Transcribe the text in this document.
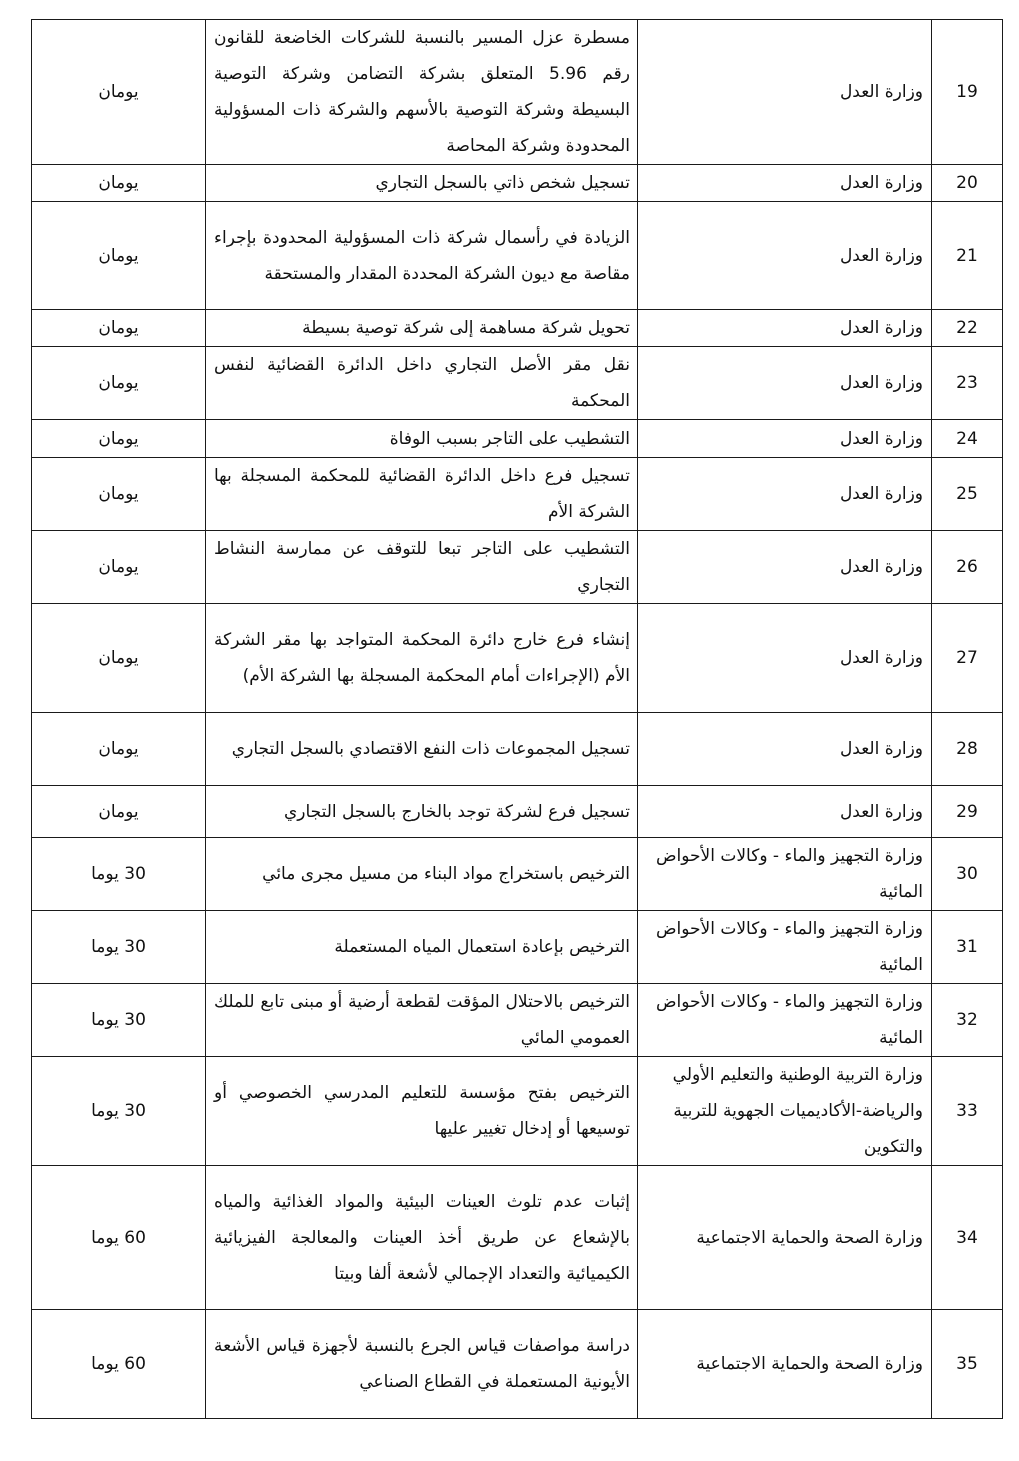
19	وزارة العدل	مسطرة عزل المسير بالنسبة للشركات الخاضعة للقانون رقم 5.96 المتعلق بشركة التضامن وشركة التوصية البسيطة وشركة التوصية بالأسهم والشركة ذات المسؤولية المحدودة وشركة المحاصة	يومان
20	وزارة العدل	تسجيل شخص ذاتي بالسجل التجاري	يومان
21	وزارة العدل	الزيادة في رأسمال شركة ذات المسؤولية المحدودة بإجراء مقاصة مع ديون الشركة المحددة المقدار والمستحقة	يومان
22	وزارة العدل	تحويل شركة مساهمة إلى شركة توصية بسيطة	يومان
23	وزارة العدل	نقل مقر الأصل التجاري داخل الدائرة القضائية لنفس المحكمة	يومان
24	وزارة العدل	التشطيب على التاجر بسبب الوفاة	يومان
25	وزارة العدل	تسجيل فرع داخل الدائرة القضائية للمحكمة المسجلة بها الشركة الأم	يومان
26	وزارة العدل	التشطيب على التاجر تبعا للتوقف عن ممارسة النشاط التجاري	يومان
27	وزارة العدل	إنشاء فرع خارج دائرة المحكمة المتواجد بها مقر الشركة الأم (الإجراءات أمام المحكمة المسجلة بها الشركة الأم)	يومان
28	وزارة العدل	تسجيل المجموعات ذات النفع الاقتصادي بالسجل التجاري	يومان
29	وزارة العدل	تسجيل فرع لشركة توجد بالخارج بالسجل التجاري	يومان
30	وزارة التجهيز والماء - وكالات الأحواض المائية	الترخيص باستخراج مواد البناء من مسيل مجرى مائي	30 يوما
31	وزارة التجهيز والماء - وكالات الأحواض المائية	الترخيص بإعادة استعمال المياه المستعملة	30 يوما
32	وزارة التجهيز والماء - وكالات الأحواض المائية	الترخيص بالاحتلال المؤقت لقطعة أرضية أو مبنى تابع للملك العمومي المائي	30 يوما
33	وزارة التربية الوطنية والتعليم الأولي والرياضة-الأكاديميات الجهوية للتربية والتكوين	الترخيص بفتح مؤسسة للتعليم المدرسي الخصوصي أو توسيعها أو إدخال تغيير عليها	30 يوما
34	وزارة الصحة والحماية الاجتماعية	إثبات عدم تلوث العينات البيئية والمواد الغذائية والمياه بالإشعاع عن طريق أخذ العينات والمعالجة الفيزيائية الكيميائية والتعداد الإجمالي لأشعة ألفا وبيتا	60 يوما
35	وزارة الصحة والحماية الاجتماعية	دراسة مواصفات قياس الجرع بالنسبة لأجهزة قياس الأشعة الأيونية المستعملة في القطاع الصناعي	60 يوما
